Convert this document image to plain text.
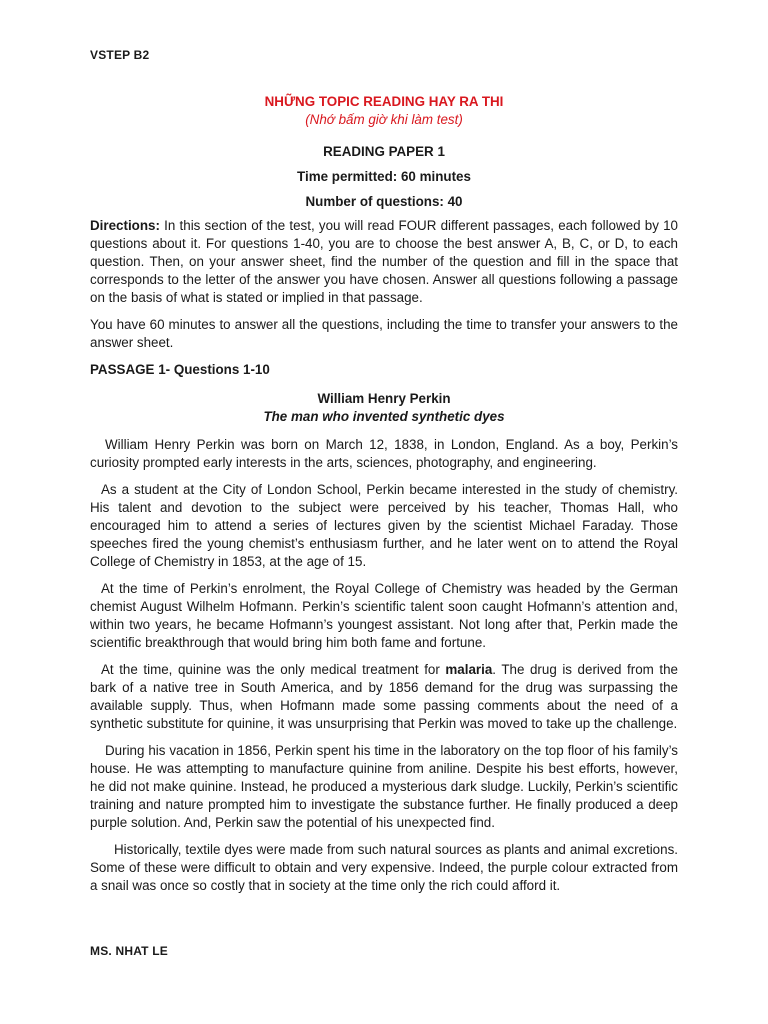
VSTEP B2
NHỮNG TOPIC READING HAY RA THI
(Nhớ bấm giờ khi làm test)
READING PAPER 1
Time permitted: 60 minutes
Number of questions: 40

Directions: In this section of the test, you will read FOUR different passages, each followed by 10 questions about it. For questions 1-40, you are to choose the best answer A, B, C, or D, to each question. Then, on your answer sheet, find the number of the question and fill in the space that corresponds to the letter of the answer you have chosen. Answer all questions following a passage on the basis of what is stated or implied in that passage.

You have 60 minutes to answer all the questions, including the time to transfer your answers to the answer sheet.

PASSAGE 1- Questions 1-10
William Henry Perkin
The man who invented synthetic dyes

William Henry Perkin was born on March 12, 1838, in London, England. As a boy, Perkin’s curiosity prompted early interests in the arts, sciences, photography, and engineering.

As a student at the City of London School, Perkin became interested in the study of chemistry. His talent and devotion to the subject were perceived by his teacher, Thomas Hall, who encouraged him to attend a series of lectures given by the scientist Michael Faraday. Those speeches fired the young chemist’s enthusiasm further, and he later went on to attend the Royal College of Chemistry in 1853, at the age of 15.

At the time of Perkin’s enrolment, the Royal College of Chemistry was headed by the German chemist August Wilhelm Hofmann. Perkin’s scientific talent soon caught Hofmann’s attention and, within two years, he became Hofmann’s youngest assistant. Not long after that, Perkin made the scientific breakthrough that would bring him both fame and fortune.

At the time, quinine was the only medical treatment for malaria. The drug is derived from the bark of a native tree in South America, and by 1856 demand for the drug was surpassing the available supply. Thus, when Hofmann made some passing comments about the need of a synthetic substitute for quinine, it was unsurprising that Perkin was moved to take up the challenge.

During his vacation in 1856, Perkin spent his time in the laboratory on the top floor of his family’s house. He was attempting to manufacture quinine from aniline. Despite his best efforts, however, he did not make quinine. Instead, he produced a mysterious dark sludge. Luckily, Perkin’s scientific training and nature prompted him to investigate the substance further. He finally produced a deep purple solution. And, Perkin saw the potential of his unexpected find.

Historically, textile dyes were made from such natural sources as plants and animal excretions. Some of these were difficult to obtain and very expensive. Indeed, the purple colour extracted from a snail was once so costly that in society at the time only the rich could afford it.

MS. NHAT LE
